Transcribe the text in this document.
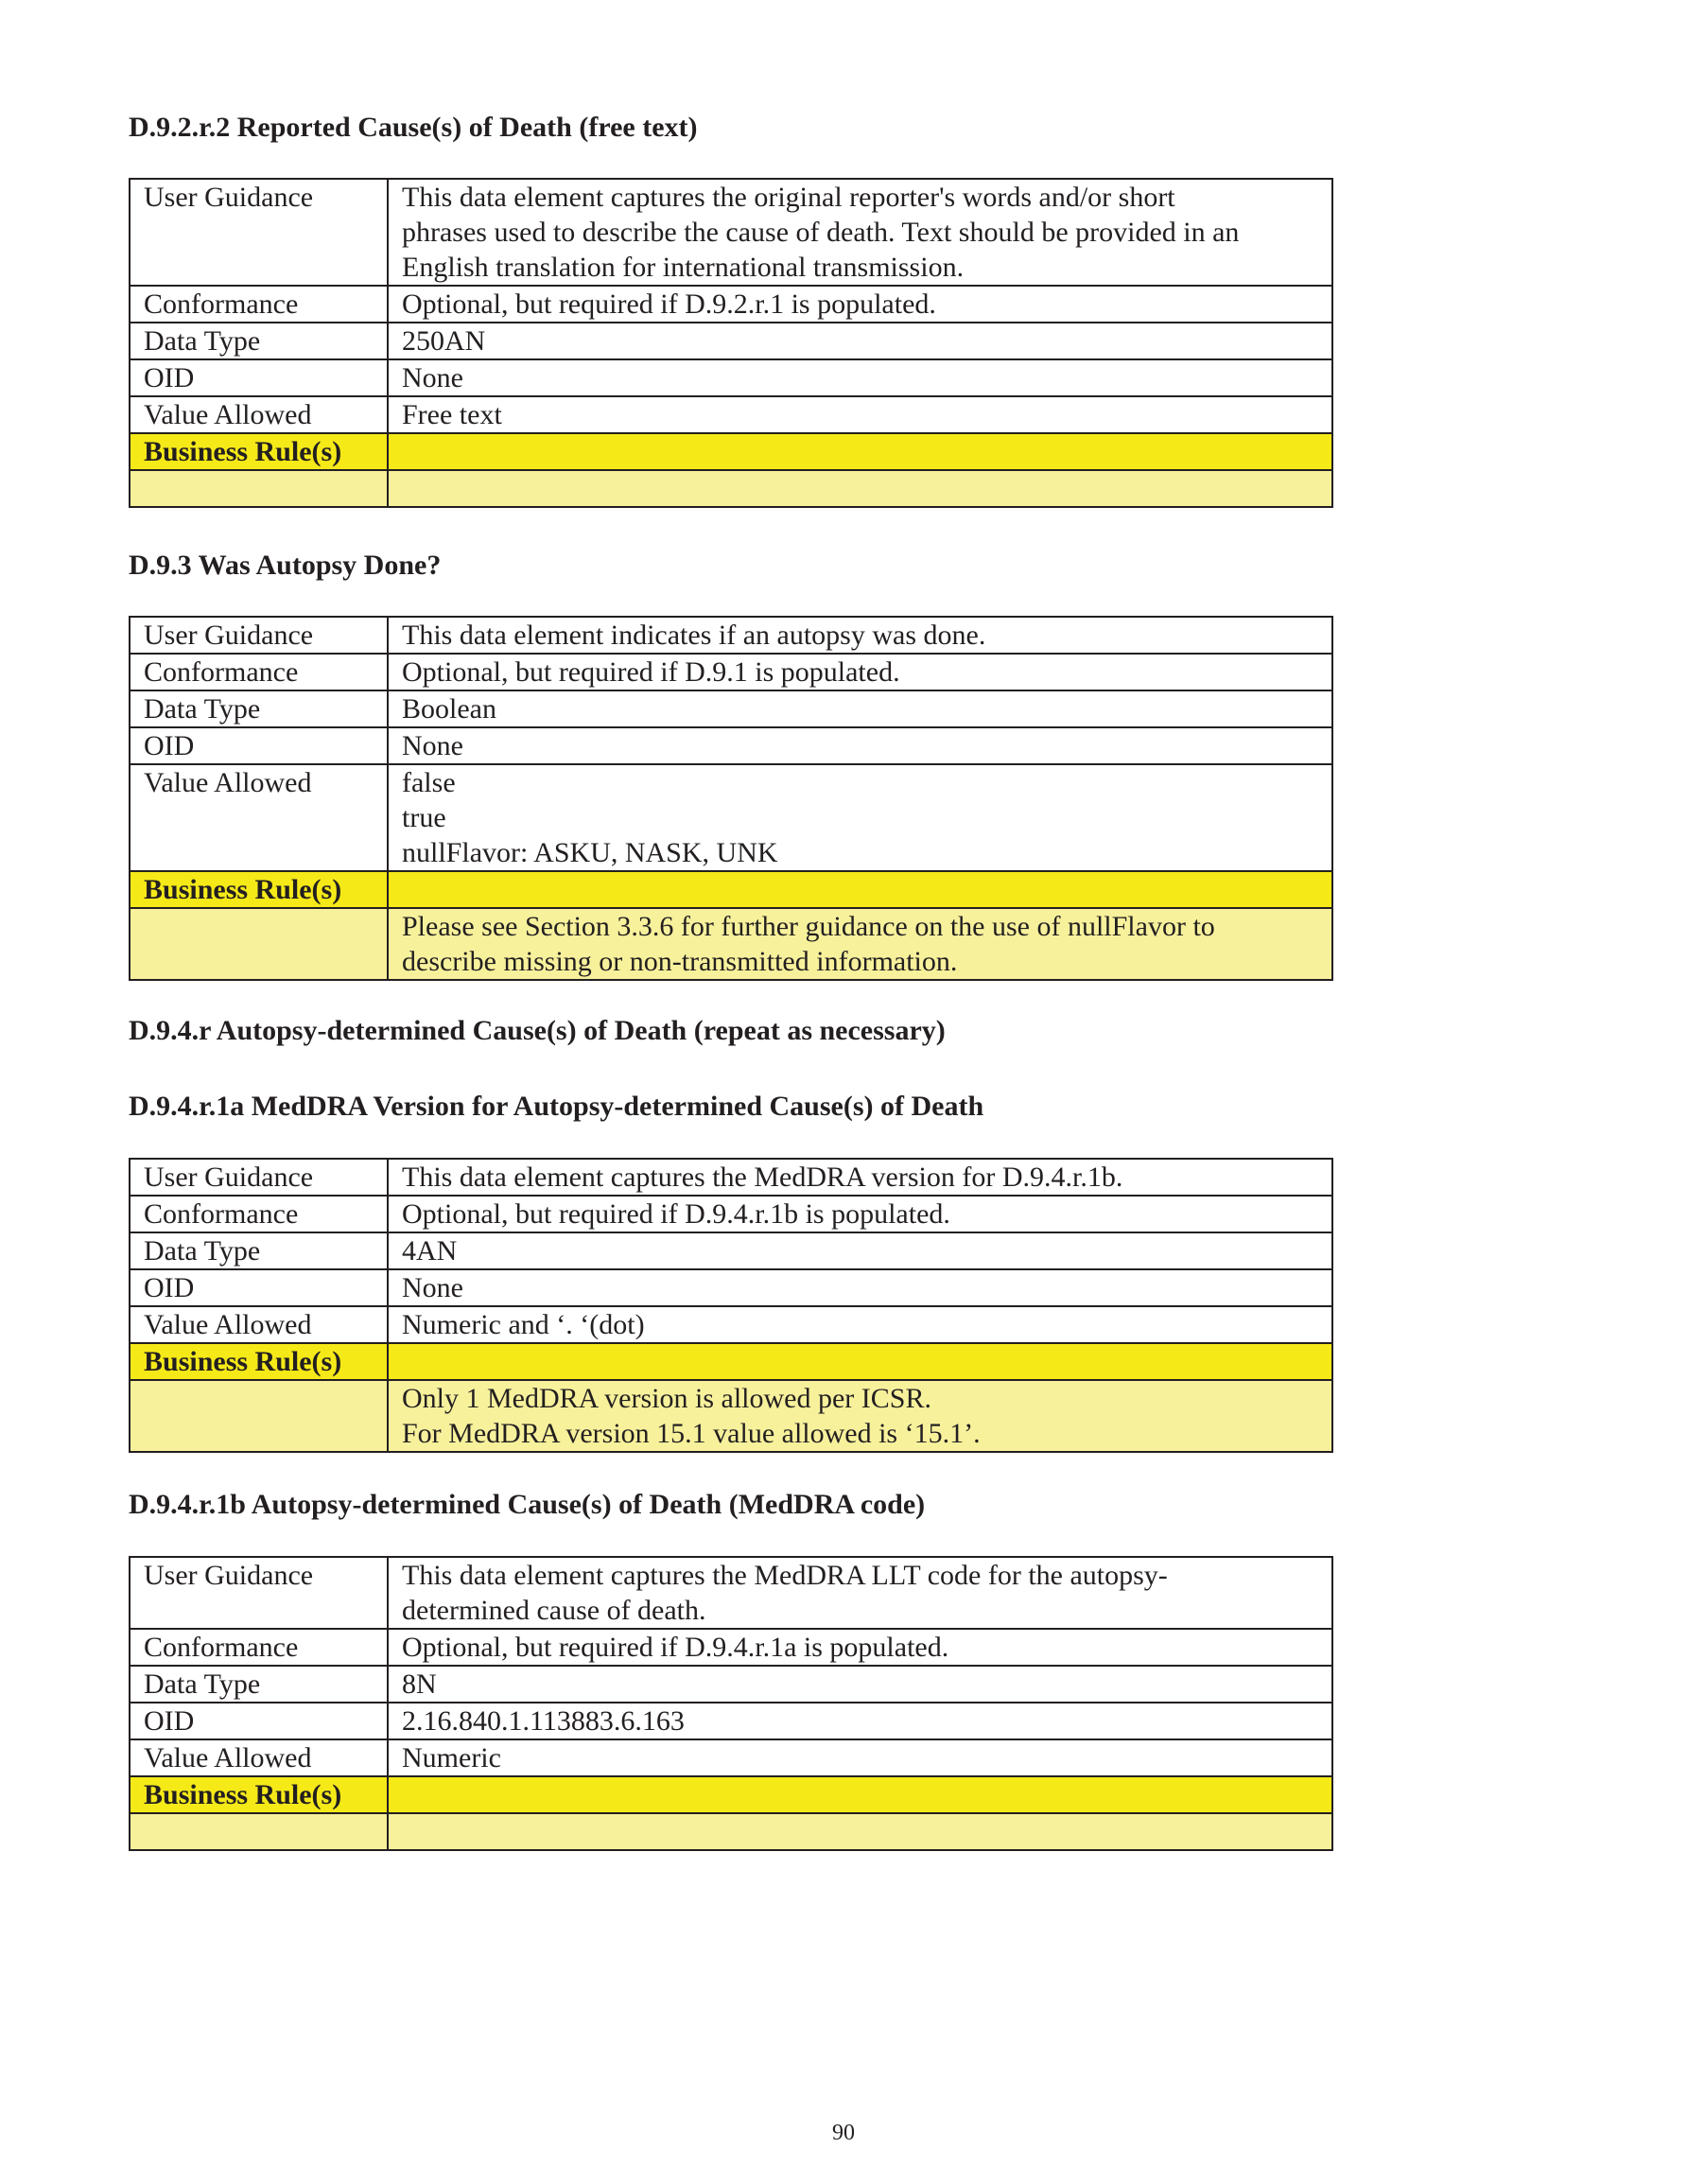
D.9.2.r.2 Reported Cause(s) of Death (free text)
User Guidance	This data element captures the original reporter's words and/or short
phrases used to describe the cause of death. Text should be provided in an
English translation for international transmission.

Conformance	Optional, but required if D.9.2.r.1 is populated.
Data Type	250AN
OID	None
Value Allowed	Free text

Business Rule(s)	

D.9.3 Was Autopsy Done?
User Guidance	This data element indicates if an autopsy was done.

Conformance	Optional, but required if D.9.1 is populated.
Data Type	Boolean
OID	None
Value Allowed	false
true
nullFlavor: ASKU, NASK, UNK

Business Rule(s)	

	Please see Section 3.3.6 for further guidance on the use of nullFlavor to
describe missing or non-transmitted information.
D.9.4.r Autopsy-determined Cause(s) of Death (repeat as necessary)
D.9.4.r.1a MedDRA Version for Autopsy-determined Cause(s) of Death
User Guidance	This data element captures the MedDRA version for D.9.4.r.1b.

Conformance	Optional, but required if D.9.4.r.1b is populated.
Data Type	4AN
OID	None
Value Allowed	Numeric and ‘. ‘(dot)

Business Rule(s)	

	Only 1 MedDRA version is allowed per ICSR.
For MedDRA version 15.1 value allowed is ‘15.1’.
D.9.4.r.1b Autopsy-determined Cause(s) of Death (MedDRA code)
User Guidance	This data element captures the MedDRA LLT code for the autopsy-
determined cause of death.

Conformance	Optional, but required if D.9.4.r.1a is populated.
Data Type	8N
OID	2.16.840.1.113883.6.163
Value Allowed	Numeric

Business Rule(s)	

90
